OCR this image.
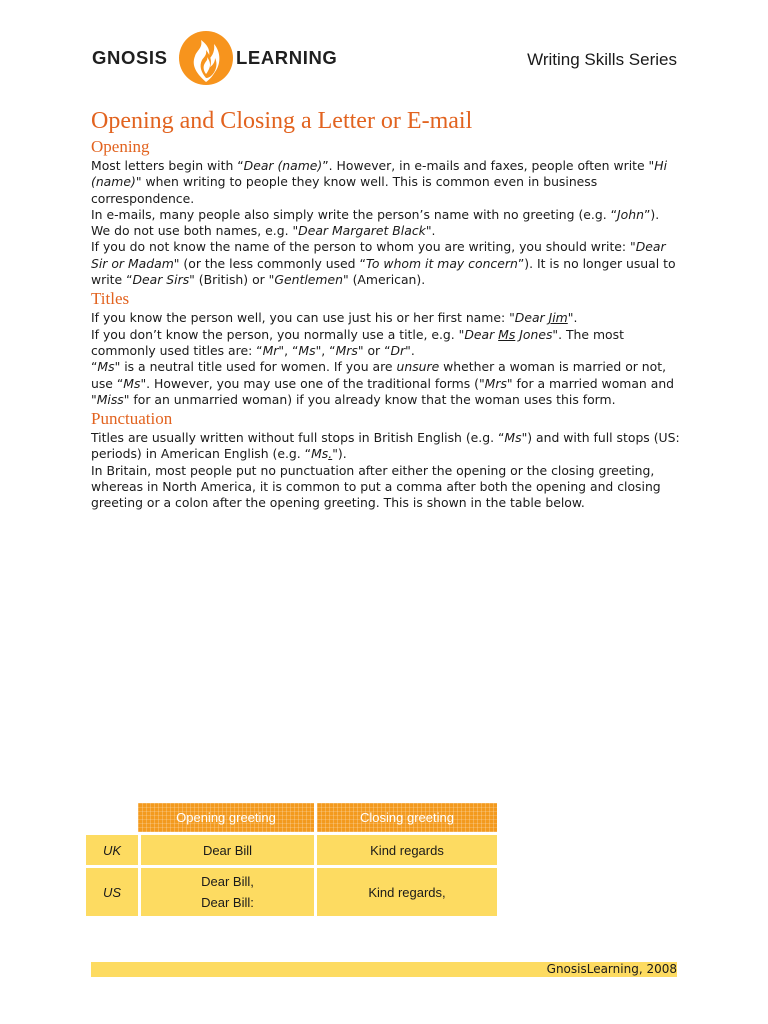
GNOSIS	LEARNING	Writing Skills Series
Opening and Closing a Letter or E-mail
Opening

Most letters begin with “Dear (name)”. However, in e-mails and faxes, people often write "Hi (name)" when writing to people they know well. This is common even in business correspondence.

In e-mails, many people also simply write the person’s name with no greeting (e.g. “John”).

We do not use both names, e.g. "Dear Margaret Black".

If you do not know the name of the person to whom you are writing, you should write: "Dear Sir or Madam" (or the less commonly used “To whom it may concern”). It is no longer usual to write “Dear Sirs" (British) or "Gentlemen" (American).

Titles

If you know the person well, you can use just his or her first name: "Dear Jim".

If you don’t know the person, you normally use a title, e.g. "Dear Ms Jones". The most commonly used titles are: “Mr", “Ms", “Mrs" or “Dr".

“Ms" is a neutral title used for women. If you are unsure whether a woman is married or not, use “Ms". However, you may use one of the traditional forms ("Mrs" for a married woman and "Miss" for an unmarried woman) if you already know that the woman uses this form.

Punctuation

Titles are usually written without full stops in British English (e.g. “Ms") and with full stops (US: periods) in American English (e.g. “Ms.").

In Britain, most people put no punctuation after either the opening or the closing greeting, whereas in North America, it is common to put a comma after both the opening and closing greeting or a colon after the opening greeting. This is shown in the table below.

	Opening greeting	Closing greeting
UK	Dear Bill	Kind regards
US	Dear Bill,
Dear Bill:	Kind regards,
GnosisLearning, 2008
